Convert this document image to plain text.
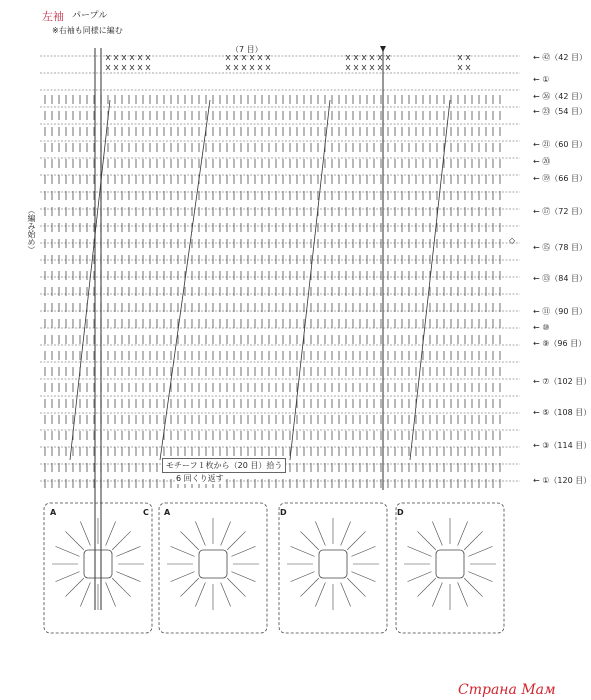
左袖 パープル
※右袖も同様に編む
（7 目）
（編み始め）	◇
モチーフ１枚から（20 目）拾う
6 回くり返す
A	C A	D	D
← ㊷（42 目）
← ①
← ㉖（42 目）
← ㉓（54 目）
← ㉑（60 目）
← ⑳
← ⑲（66 目）
← ⑰（72 目）
← ⑮（78 目）
← ⑬（84 目）
← ⑪（90 目）
← ⑩
← ⑨（96 目）
← ⑦（102 目）
← ⑤（108 目）
← ③（114 目）
← ①（120 目）
Страна Мам
